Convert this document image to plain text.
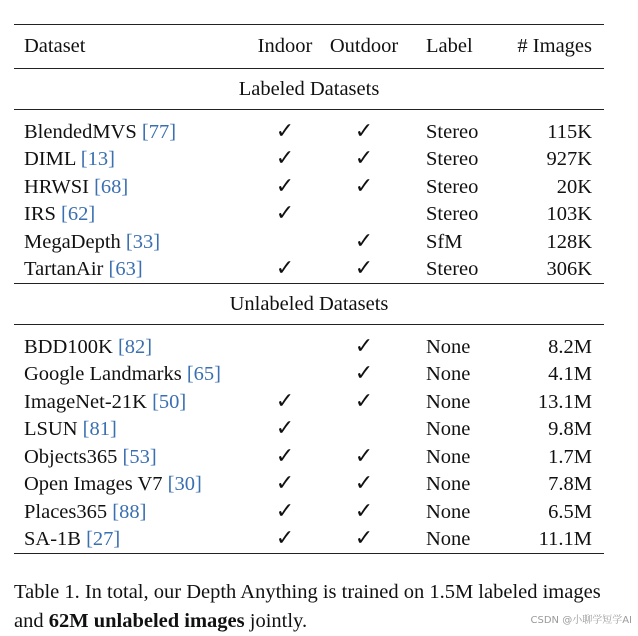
Dataset	Indoor	Outdoor	Label	# Images
Labeled Datasets				

BlendedMVS [77]	✓	✓	Stereo	115K
DIML [13]	✓	✓	Stereo	927K
HRWSI [68]	✓	✓	Stereo	20K
IRS [62]	✓		Stereo	103K
MegaDepth [33]		✓	SfM	128K
TartanAir [63]	✓	✓	Stereo	306K
Unlabeled Datasets				

BDD100K [82]		✓	None	8.2M
Google Landmarks [65]		✓	None	4.1M
ImageNet-21K [50]	✓	✓	None	13.1M
LSUN [81]	✓		None	9.8M
Objects365 [53]	✓	✓	None	1.7M
Open Images V7 [30]	✓	✓	None	7.8M
Places365 [88]	✓	✓	None	6.5M
SA-1B [27]	✓	✓	None	11.1M

Table 1. In total, our Depth Anything is trained on 1.5M labeled images and 62M unlabeled images jointly.	CSDN @小聊学短学AI
